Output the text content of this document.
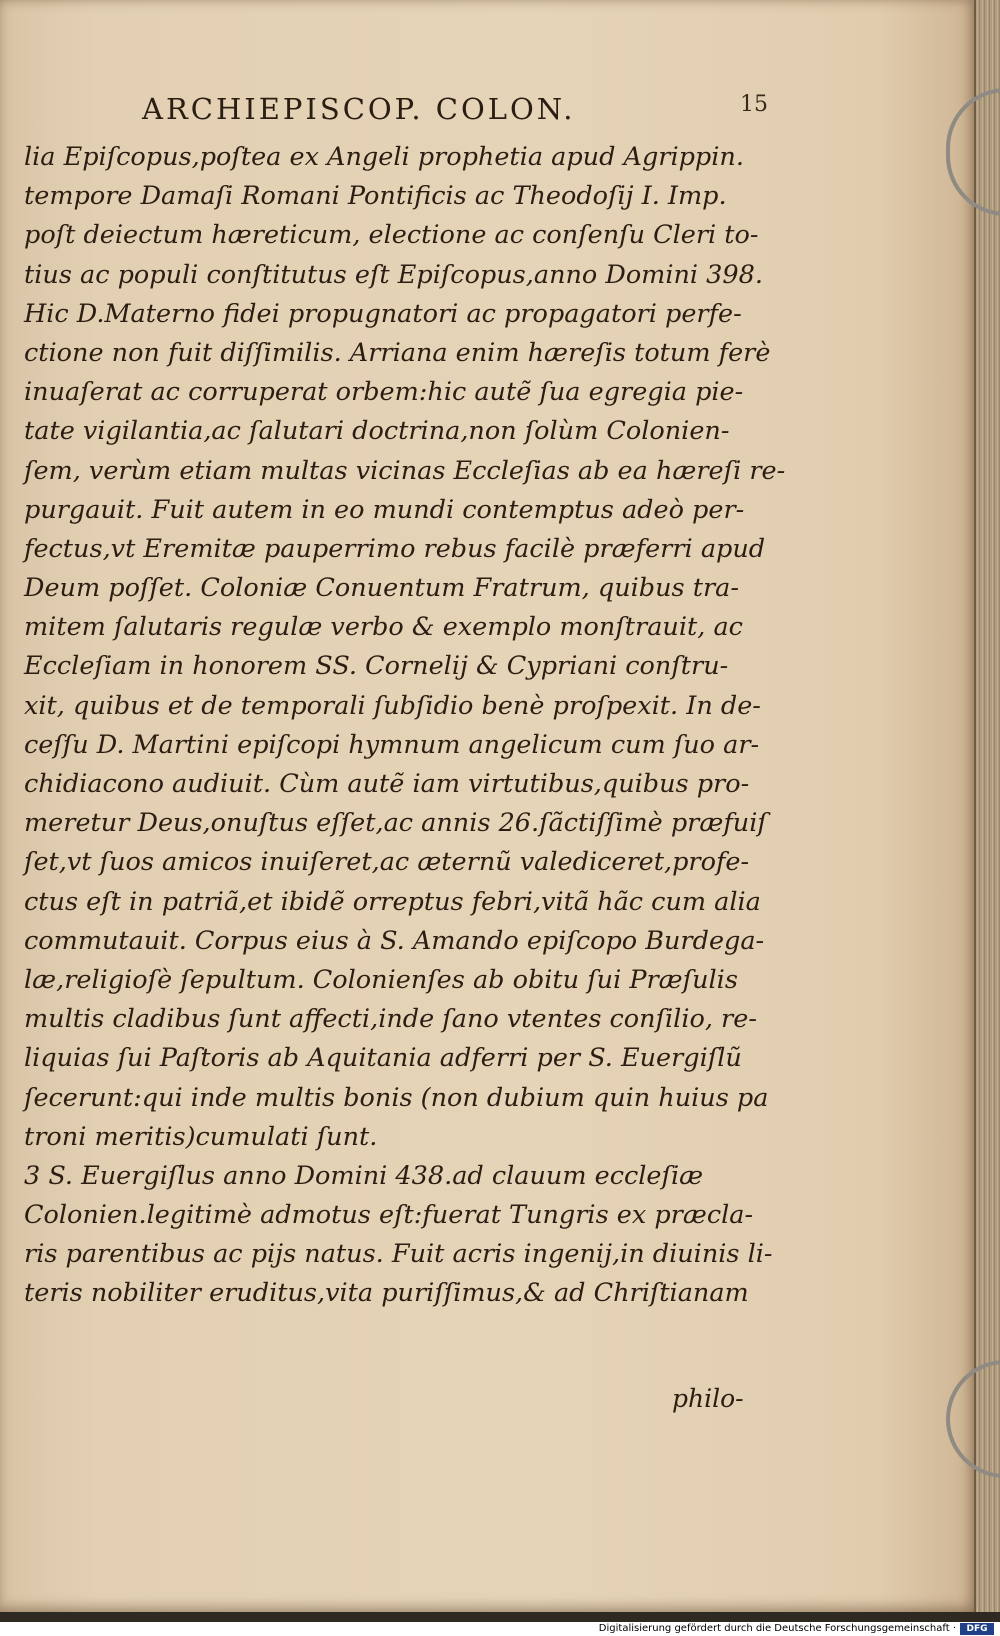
ARCHIEPISCOP. COLON.	15
lia Epiſcopus,poſtea ex Angeli prophetia apud Agrippin.
tempore Damaſi Romani Pontificis ac Theodoſij I. Imp.
poſt deiectum hæreticum, electione ac conſenſu Cleri to-
tius ac populi conſtitutus eſt Epiſcopus,anno Domini 398.
Hic D.Materno fidei propugnatori ac propagatori perfe-
ctione non fuit diſſimilis. Arriana enim hæreſis totum ferè
inuaſerat ac corruperat orbem:hic autẽ ſua egregia pie-
tate vigilantia,ac ſalutari doctrina,non ſolùm Colonien-
ſem, verùm etiam multas vicinas Eccleſias ab ea hæreſi re-
purgauit. Fuit autem in eo mundi contemptus adeò per-
fectus,vt Eremitæ pauperrimo rebus facilè præferri apud
Deum poſſet. Coloniæ Conuentum Fratrum, quibus tra-
mitem ſalutaris regulæ verbo & exemplo monſtrauit, ac
Eccleſiam in honorem SS. Cornelij & Cypriani conſtru-
xit, quibus et de temporali ſubſidio benè proſpexit. In de-
ceſſu D. Martini epiſcopi hymnum angelicum cum ſuo ar-
chidiacono audiuit. Cùm autẽ iam virtutibus,quibus pro-
meretur Deus,onuſtus eſſet,ac annis 26.ſãctiſſimè præfuiſ
ſet,vt ſuos amicos inuiſeret,ac æternũ valediceret,profe-
ctus eſt in patriã,et ibidẽ orreptus febri,vitã hãc cum alia
commutauit. Corpus eius à S. Amando epiſcopo Burdega-
læ,religioſè ſepultum. Colonienſes ab obitu ſui Præſulis
multis cladibus ſunt affecti,inde ſano vtentes conſilio, re-
liquias ſui Paſtoris ab Aquitania adferri per S. Euergiſlũ
ſecerunt:qui inde multis bonis (non dubium quin huius pa
troni meritis)cumulati ſunt.
3 S. Euergiſlus anno Domini 438.ad clauum eccleſiæ
Colonien.legitimè admotus eſt:fuerat Tungris ex præcla-
ris parentibus ac pijs natus. Fuit acris ingenij,in diuinis li-
teris nobiliter eruditus,vita puriſſimus,& ad Chriſtianam
philo-
Digitalisierung gefördert durch die Deutsche Forschungsgemeinschaft ·	DFG
